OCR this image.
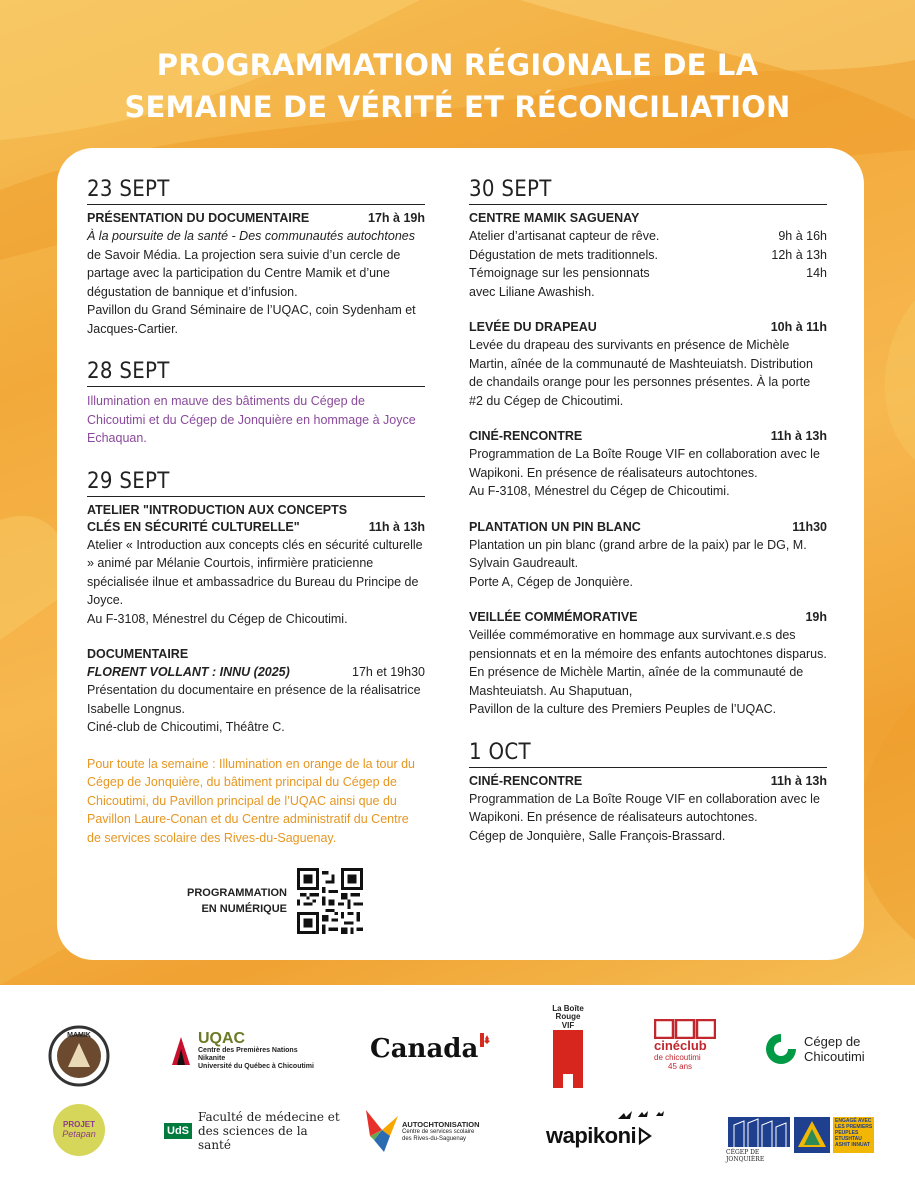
PROGRAMMATION RÉGIONALE DE LA
SEMAINE DE VÉRITÉ ET RÉCONCILIATION
23 SEPT
PRÉSENTATION DU DOCUMENTAIRE	17h à 19h
À la poursuite de la santé - Des communautés autochtones de Savoir Média. La projection sera suivie d’un cercle de partage avec la participation du Centre Mamik et d’une dégustation de bannique et d’infusion.
Pavillon du Grand Séminaire de l’UQAC, coin Sydenham et Jacques-Cartier.
28 SEPT
Illumination en mauve des bâtiments du Cégep de Chicoutimi et du Cégep de Jonquière en hommage à Joyce Echaquan.
29 SEPT
ATELIER "INTRODUCTION AUX CONCEPTS
CLÉS EN SÉCURITÉ CULTURELLE"	11h à 13h
Atelier « Introduction aux concepts clés en sécurité culturelle » animé par Mélanie Courtois, infirmière praticienne spécialisée ilnue et ambassadrice du Bureau du Principe de Joyce.
Au F-3108, Ménestrel du Cégep de Chicoutimi.
DOCUMENTAIRE
FLORENT VOLLANT : INNU (2025)	17h et 19h30
Présentation du documentaire en présence de la réalisatrice Isabelle Longnus.
Ciné-club de Chicoutimi, Théâtre C.
Pour toute la semaine : Illumination en orange de la tour du Cégep de Jonquière, du bâtiment principal du Cégep de Chicoutimi, du Pavillon principal de l’UQAC ainsi que du Pavillon Laure-Conan et du Centre administratif du Centre de services scolaire des Rives-du-Saguenay.
30 SEPT
CENTRE MAMIK SAGUENAY
Atelier d’artisanat capteur de rêve.	9h à 16h
Dégustation de mets traditionnels.	12h à 13h
Témoignage sur les pensionnats	14h
avec Liliane Awashish.
LEVÉE DU DRAPEAU	10h à 11h
Levée du drapeau des survivants en présence de Michèle Martin, aînée de la communauté de Mashteuiatsh. Distribution de chandails orange pour les personnes présentes. À la porte #2 du Cégep de Chicoutimi.
CINÉ-RENCONTRE	11h à 13h
Programmation de La Boîte Rouge VIF en collaboration avec le Wapikoni. En présence de réalisateurs autochtones.
Au F-3108, Ménestrel du Cégep de Chicoutimi.
PLANTATION UN PIN BLANC	11h30
Plantation un pin blanc (grand arbre de la paix) par le DG, M. Sylvain Gaudreault.
Porte A, Cégep de Jonquière.
VEILLÉE COMMÉMORATIVE	19h
Veillée commémorative en hommage aux survivant.e.s des pensionnats et en la mémoire des enfants autochtones disparus. En présence de Michèle Martin, aînée de la communauté de Mashteuiatsh. Au Shaputuan,
Pavillon de la culture des Premiers Peuples de l’UQAC.
1 OCT
CINÉ-RENCONTRE	11h à 13h
Programmation de La Boîte Rouge VIF en collaboration avec le Wapikoni. En présence de réalisateurs autochtones.
Cégep de Jonquière, Salle François-Brassard.
PROGRAMMATION
EN NUMÉRIQUE
MAMIK	UQAC
Centre des Premières Nations
Nikanite
Université du Québec à Chicoutimi
Canada
La Boîte
Rouge
VIF
cinéclub
de chicoutimi
45 ans
Cégep de
Chicoutimi
PROJET
Petapan	UdS
Faculté de médecine et
des sciences de la santé
AUTOCHTONISATION
Centre de services scolaire
des Rives-du-Saguenay	wapikoni
CÉGEP DE JONQUIÈRE
ENGAGÉ AVEC
LES PREMIERS
PEUPLES
ETUSHTAU
ASHIT INNUAT
